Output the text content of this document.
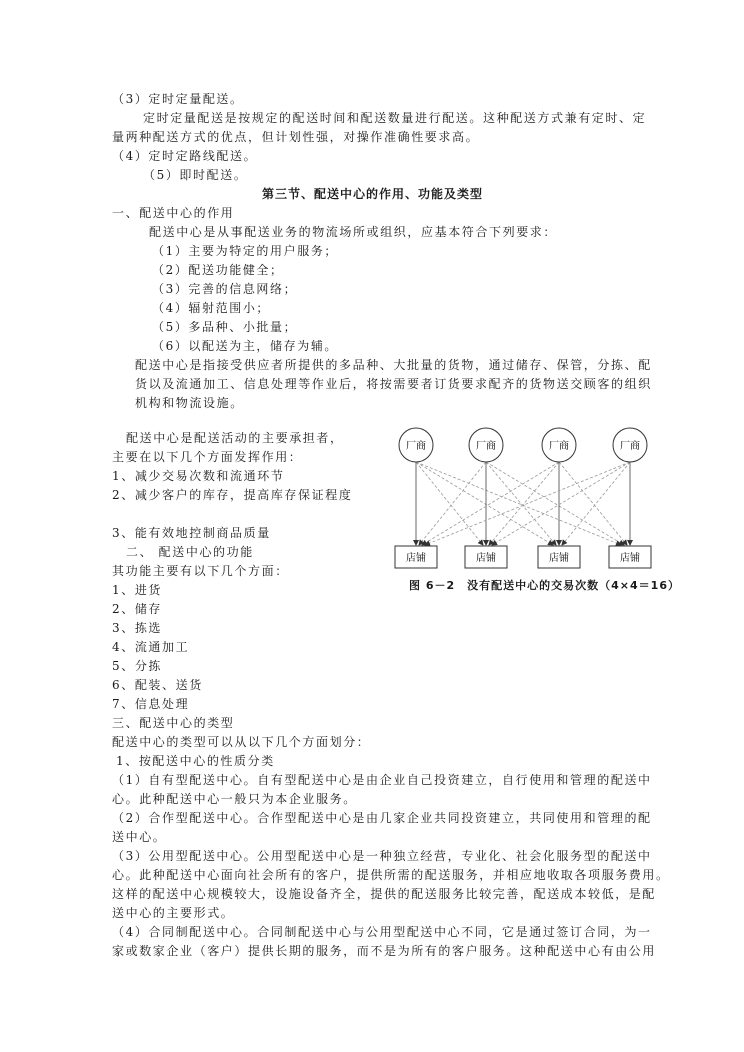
（3）定时定量配送。
定时定量配送是按规定的配送时间和配送数量进行配送。这种配送方式兼有定时、定
量两种配送方式的优点，但计划性强，对操作准确性要求高。
（4）定时定路线配送。
（5）即时配送。
第三节、配送中心的作用、功能及类型
一、配送中心的作用
配送中心是从事配送业务的物流场所或组织，应基本符合下列要求：
（1）主要为特定的用户服务；
（2）配送功能健全；
（3）完善的信息网络；
（4）辐射范围小；
（5）多品种、小批量；
（6）以配送为主，储存为辅。
配送中心是指接受供应者所提供的多品种、大批量的货物，通过储存、保管，分拣、配
货以及流通加工、信息处理等作业后，将按需要者订货要求配齐的货物送交顾客的组织
机构和物流设施。
配送中心是配送活动的主要承担者，
主要在以下几个方面发挥作用：
1、减少交易次数和流通环节
2、减少客户的库存，提高库存保证程度
3、能有效地控制商品质量
二、 配送中心的功能
其功能主要有以下几个方面：
1、进货
2、储存
3、拣选
4、流通加工
5、分拣
6、配装、送货
7、信息处理
三、配送中心的类型
配送中心的类型可以从以下几个方面划分：
1、按配送中心的性质分类
（1）自有型配送中心。自有型配送中心是由企业自己投资建立，自行使用和管理的配送中
心。此种配送中心一般只为本企业服务。
（2）合作型配送中心。合作型配送中心是由几家企业共同投资建立，共同使用和管理的配
送中心。
（3）公用型配送中心。公用型配送中心是一种独立经营，专业化、社会化服务型的配送中
心。此种配送中心面向社会所有的客户，提供所需的配送服务，并相应地收取各项服务费用。
这样的配送中心规模较大，设施设备齐全，提供的配送服务比较完善，配送成本较低，是配
送中心的主要形式。
（4）合同制配送中心。合同制配送中心与公用型配送中心不同，它是通过签订合同，为一
家或数家企业（客户）提供长期的服务，而不是为所有的客户服务。这种配送中心有由公用
厂商	厂商	厂商	厂商
店铺	店铺	店铺	店铺
图 6－2　没有配送中心的交易次数（4×4＝16）
